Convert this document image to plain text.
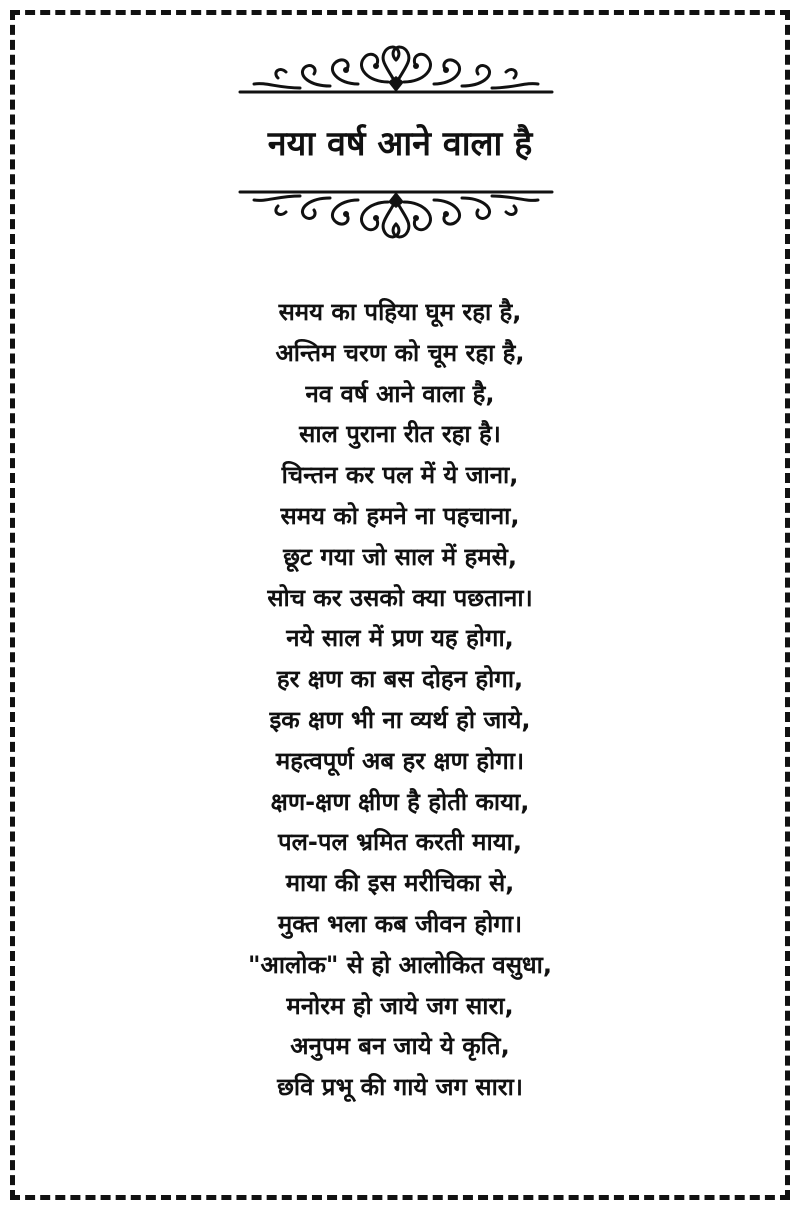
नया वर्ष आने वाला है
समय का पहिया घूम रहा है,
अन्तिम चरण को चूम रहा है,
नव वर्ष आने वाला है,
साल पुराना रीत रहा है।
चिन्तन कर पल में ये जाना,
समय को हमने ना पहचाना,
छूट गया जो साल में हमसे,
सोच कर उसको क्या पछताना।
नये साल में प्रण यह होगा,
हर क्षण का बस दोहन होगा,
इक क्षण भी ना व्यर्थ हो जाये,
महत्वपूर्ण अब हर क्षण होगा।
क्षण-क्षण क्षीण है होती काया,
पल-पल भ्रमित करती माया,
माया की इस मरीचिका से,
मुक्त भला कब जीवन होगा।
"आलोक" से हो आलोकित वसुधा,
मनोरम हो जाये जग सारा,
अनुपम बन जाये ये कृति,
छवि प्रभू की गाये जग सारा।
